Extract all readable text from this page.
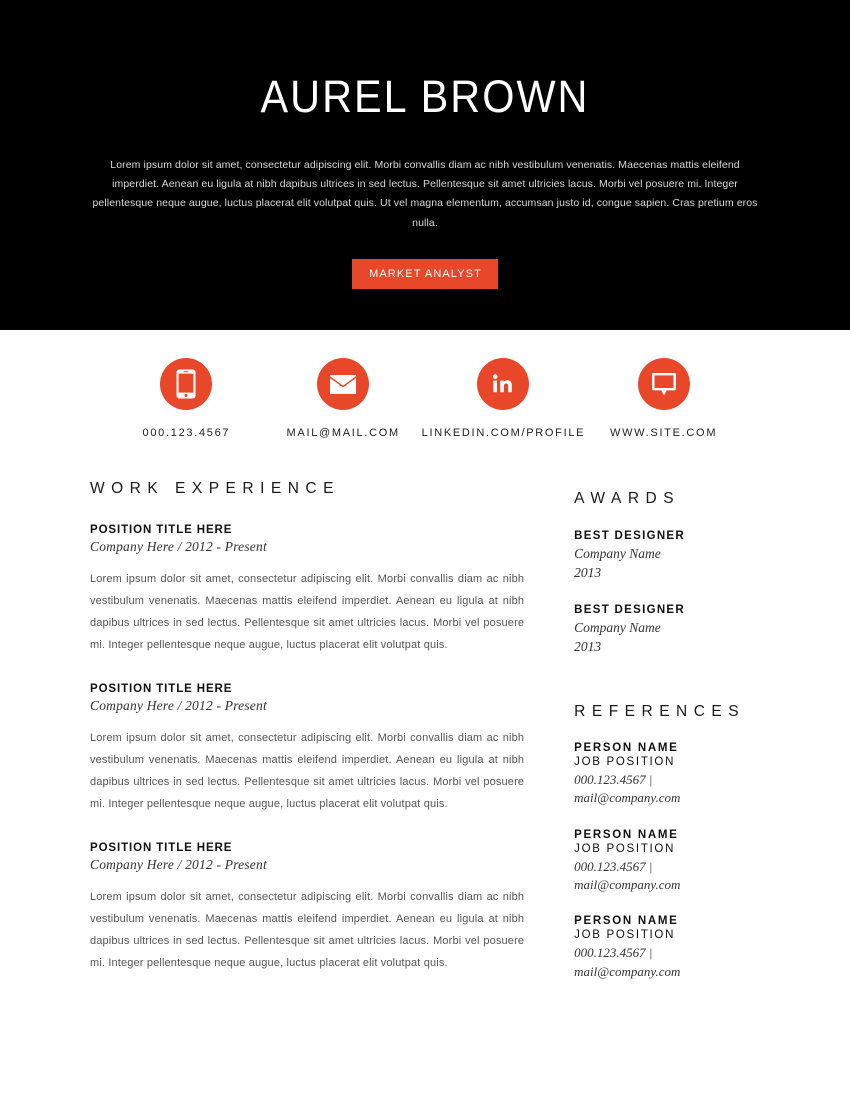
AUREL BROWN

Lorem ipsum dolor sit amet, consectetur adipiscing elit. Morbi convallis diam ac nibh vestibulum venenatis. Maecenas mattis eleifend imperdiet. Aenean eu ligula at nibh dapibus ultrices in sed lectus. Pellentesque sit amet ultricies lacus. Morbi vel posuere mi. Integer pellentesque neque augue, luctus placerat elit volutpat quis. Ut vel magna elementum, accumsan justo id, congue sapien. Cras pretium eros nulla.

MARKET ANALYST
000.123.4567	MAIL@MAIL.COM LINKEDIN.COM/PROFILE WWW.SITE.COM
WORK EXPERIENCE
POSITION TITLE HERE
Company Here / 2012 - Present

Lorem ipsum dolor sit amet, consectetur adipiscing elit. Morbi convallis diam ac nibh vestibulum venenatis. Maecenas mattis eleifend imperdiet. Aenean eu ligula at nibh dapibus ultrices in sed lectus. Pellentesque sit amet ultricies lacus. Morbi vel posuere mi. Integer pellentesque neque augue, luctus placerat elit volutpat quis.

POSITION TITLE HERE
Company Here / 2012 - Present

Lorem ipsum dolor sit amet, consectetur adipiscing elit. Morbi convallis diam ac nibh vestibulum venenatis. Maecenas mattis eleifend imperdiet. Aenean eu ligula at nibh dapibus ultrices in sed lectus. Pellentesque sit amet ultricies lacus. Morbi vel posuere mi. Integer pellentesque neque augue, luctus placerat elit volutpat quis.

POSITION TITLE HERE
Company Here / 2012 - Present

Lorem ipsum dolor sit amet, consectetur adipiscing elit. Morbi convallis diam ac nibh vestibulum venenatis. Maecenas mattis eleifend imperdiet. Aenean eu ligula at nibh dapibus ultrices in sed lectus. Pellentesque sit amet ultricies lacus. Morbi vel posuere mi. Integer pellentesque neque augue, luctus placerat elit volutpat quis.

AWARDS
BEST DESIGNER
Company Name
2013
BEST DESIGNER
Company Name
2013
REFERENCES
PERSON NAME
JOB POSITION
000.123.4567 |
mail@company.com
PERSON NAME
JOB POSITION
000.123.4567 |
mail@company.com
PERSON NAME
JOB POSITION
000.123.4567 |
mail@company.com
